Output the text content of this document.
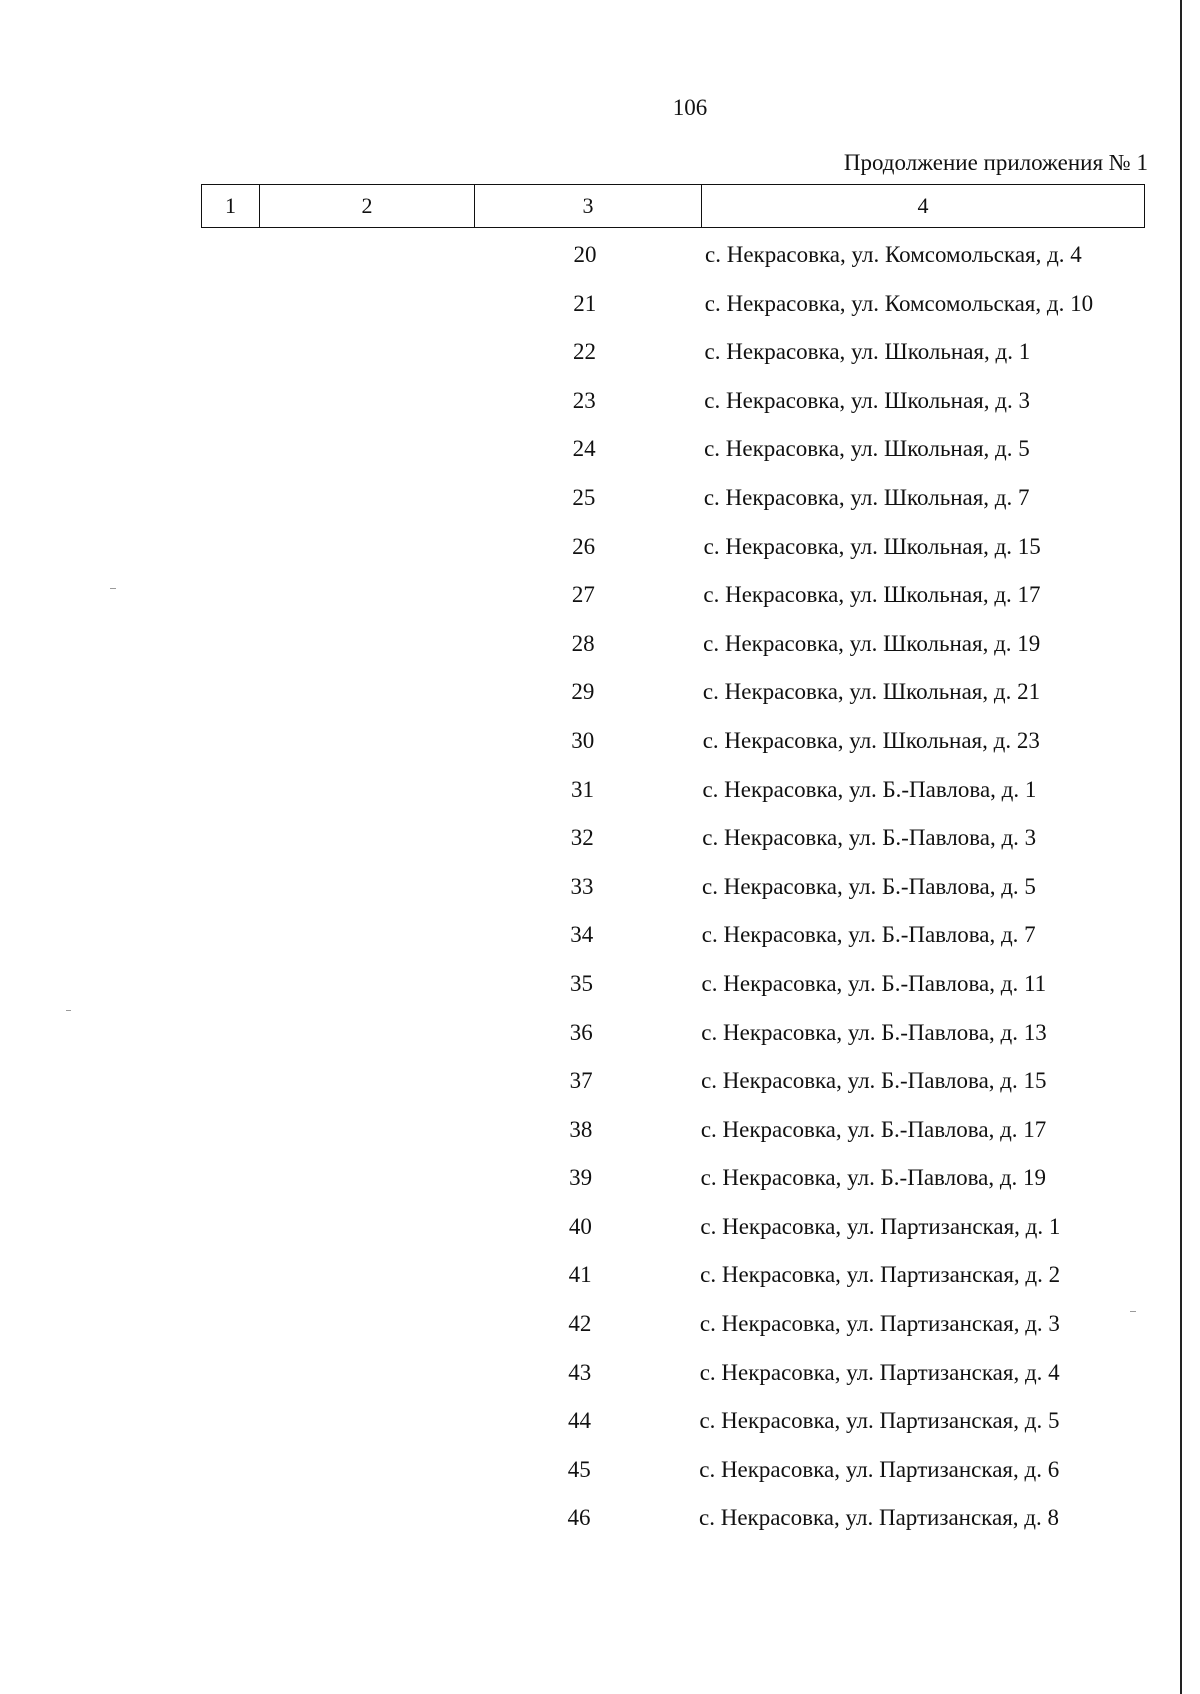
106
Продолжение приложения № 1
1	2	3	4
20	с. Некрасовка, ул. Комсомольская, д. 4
21	с. Некрасовка, ул. Комсомольская, д. 10
22	с. Некрасовка, ул. Школьная, д. 1
23	с. Некрасовка, ул. Школьная, д. 3
24	с. Некрасовка, ул. Школьная, д. 5
25	с. Некрасовка, ул. Школьная, д. 7
26	с. Некрасовка, ул. Школьная, д. 15
27	с. Некрасовка, ул. Школьная, д. 17
28	с. Некрасовка, ул. Школьная, д. 19
29	с. Некрасовка, ул. Школьная, д. 21
30	с. Некрасовка, ул. Школьная, д. 23
31	с. Некрасовка, ул. Б.-Павлова, д. 1
32	с. Некрасовка, ул. Б.-Павлова, д. 3
33	с. Некрасовка, ул. Б.-Павлова, д. 5
34	с. Некрасовка, ул. Б.-Павлова, д. 7
35	с. Некрасовка, ул. Б.-Павлова, д. 11
36	с. Некрасовка, ул. Б.-Павлова, д. 13
37	с. Некрасовка, ул. Б.-Павлова, д. 15
38	с. Некрасовка, ул. Б.-Павлова, д. 17
39	с. Некрасовка, ул. Б.-Павлова, д. 19
40	с. Некрасовка, ул. Партизанская, д. 1
41	с. Некрасовка, ул. Партизанская, д. 2
42	с. Некрасовка, ул. Партизанская, д. 3
43	с. Некрасовка, ул. Партизанская, д. 4
44	с. Некрасовка, ул. Партизанская, д. 5
45	с. Некрасовка, ул. Партизанская, д. 6
46	с. Некрасовка, ул. Партизанская, д. 8
